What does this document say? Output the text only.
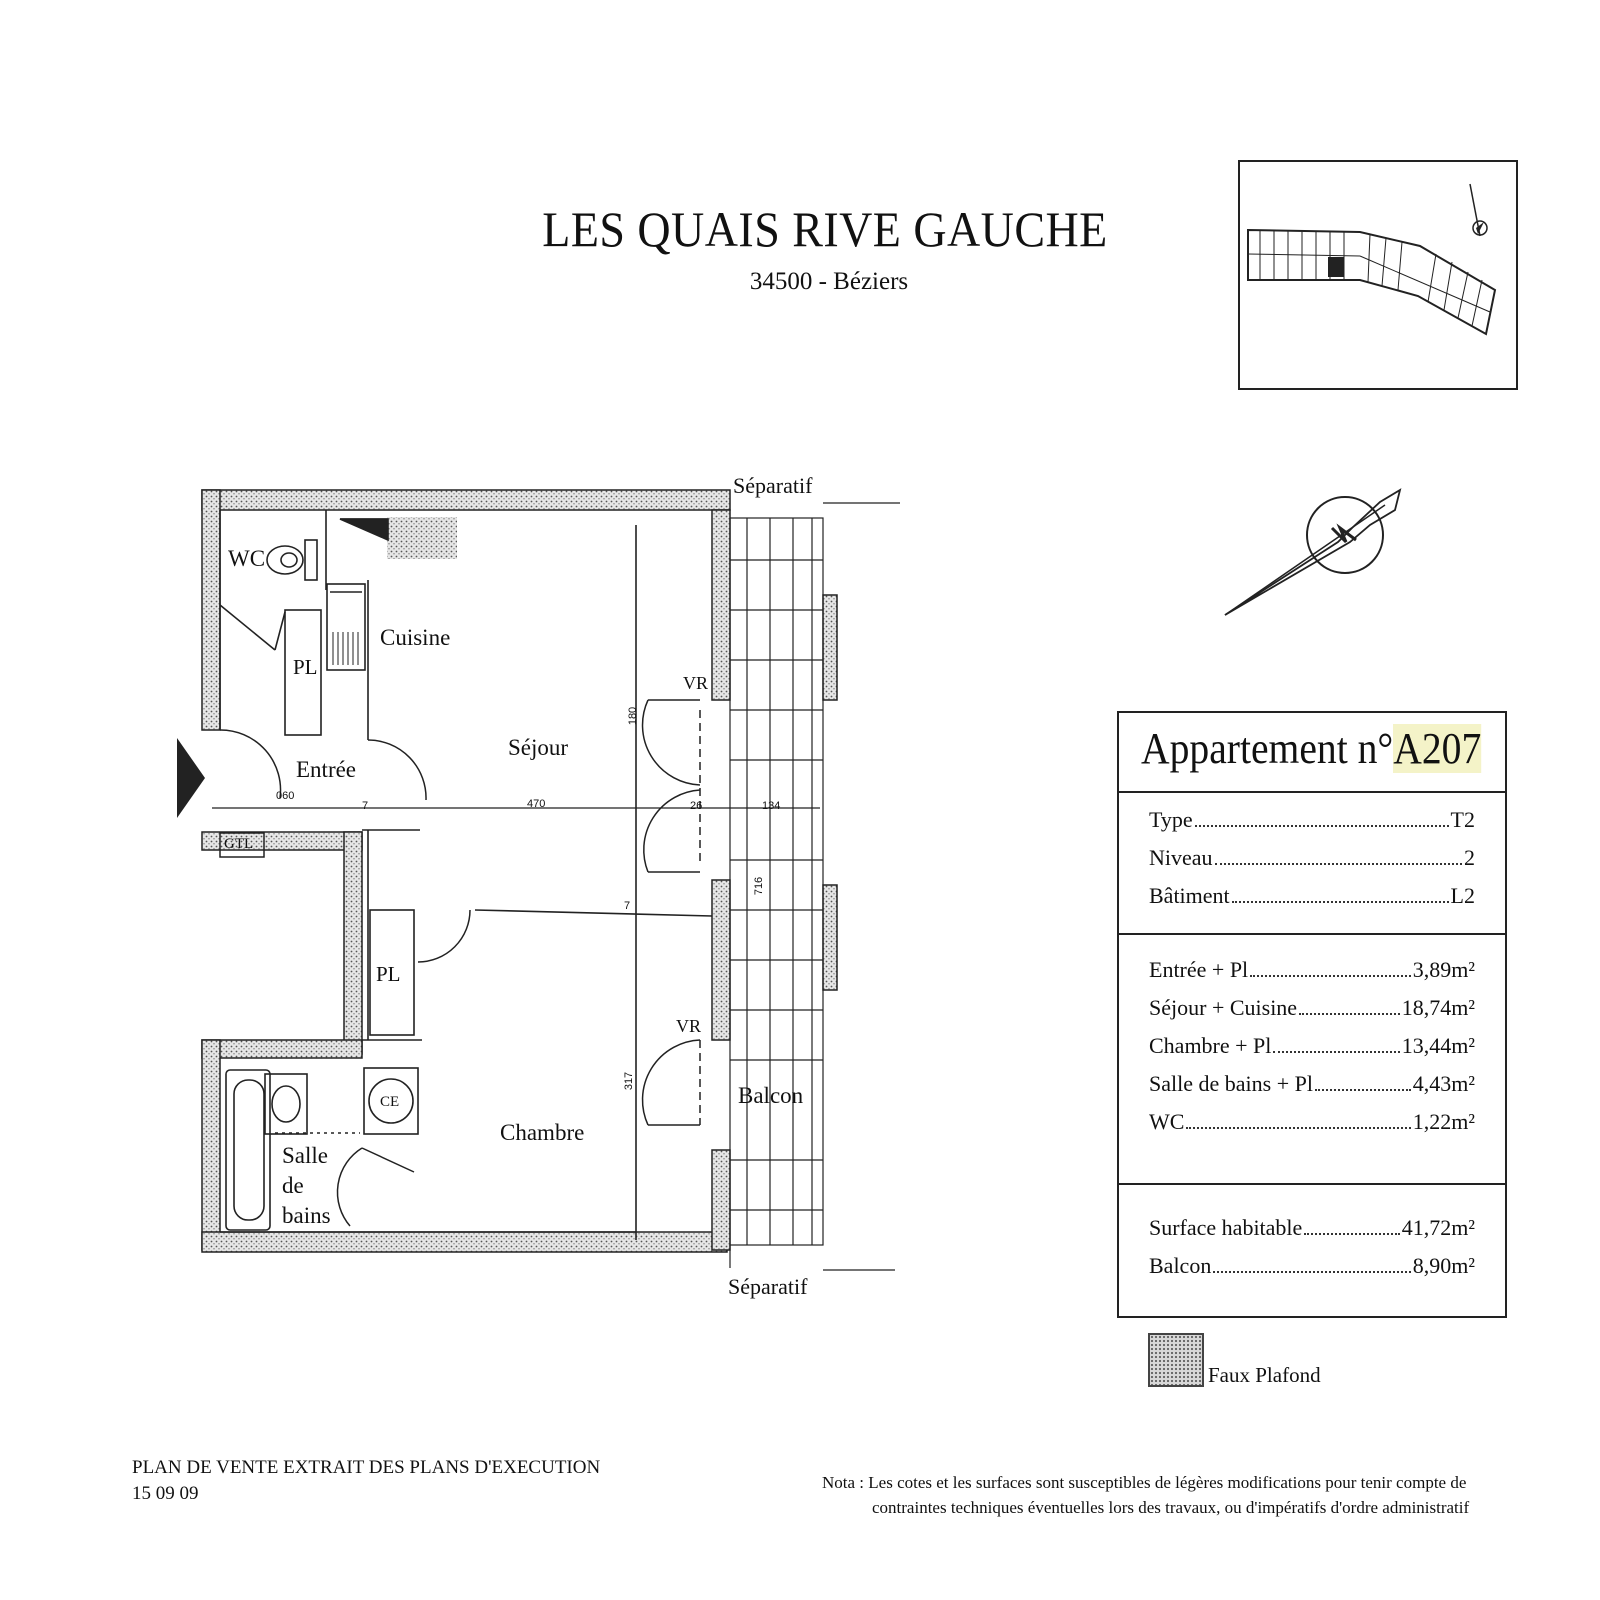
LES QUAIS RIVE GAUCHE
34500 - Béziers
WC
Cuisine
PL
Entrée
Séjour
GTL
PL
Chambre
CE
Salle
de
bains
Balcon
VR
VR
Séparatif
Séparatif
060
470
180
26	134
317
7
7
716
Appartement n°A207
Type	T2
Niveau	2
Bâtiment	L2
Entrée + Pl	3,89m²
Séjour + Cuisine	18,74m²
Chambre + Pl	13,44m²
Salle de bains + Pl	4,43m²
WC	1,22m²
Surface habitable	41,72m²
Balcon	8,90m²
Faux Plafond
PLAN DE VENTE EXTRAIT DES PLANS D'EXECUTION
15 09 09
Nota : Les cotes et les surfaces sont susceptibles de légères modifications pour tenir compte de
contraintes techniques éventuelles lors des travaux, ou d'impératifs d'ordre administratif
